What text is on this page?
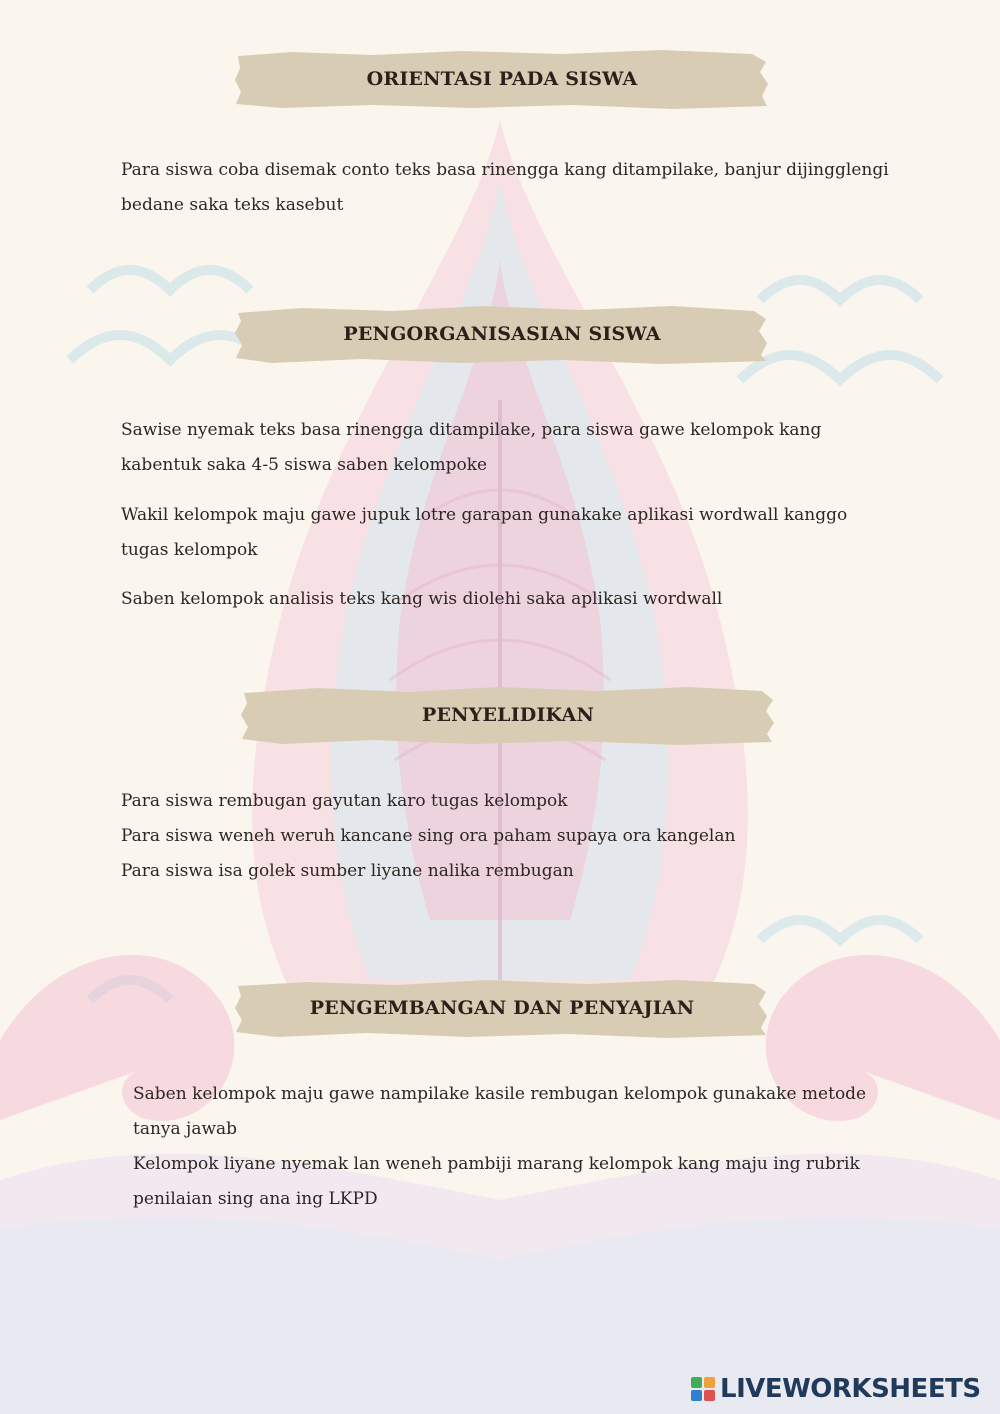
ORIENTASI PADA SISWA
Para siswa coba disemak conto teks basa rinengga kang ditampilake, banjur dijingglengi
bedane saka teks kasebut
PENGORGANISASIAN SISWA
Sawise nyemak teks basa rinengga ditampilake, para siswa gawe kelompok kang
kabentuk saka 4-5 siswa saben kelompoke
Wakil kelompok maju gawe jupuk lotre garapan gunakake aplikasi wordwall kanggo
tugas kelompok
Saben kelompok analisis teks kang wis diolehi saka aplikasi wordwall
PENYELIDIKAN
Para siswa rembugan gayutan karo tugas kelompok
Para siswa weneh weruh kancane sing ora paham supaya ora kangelan
Para siswa isa golek sumber liyane nalika rembugan
PENGEMBANGAN DAN PENYAJIAN
Saben kelompok maju gawe nampilake kasile rembugan kelompok gunakake metode
tanya jawab
Kelompok liyane nyemak lan weneh pambiji marang kelompok kang maju ing rubrik
penilaian sing ana ing LKPD
LIVEWORKSHEETS
